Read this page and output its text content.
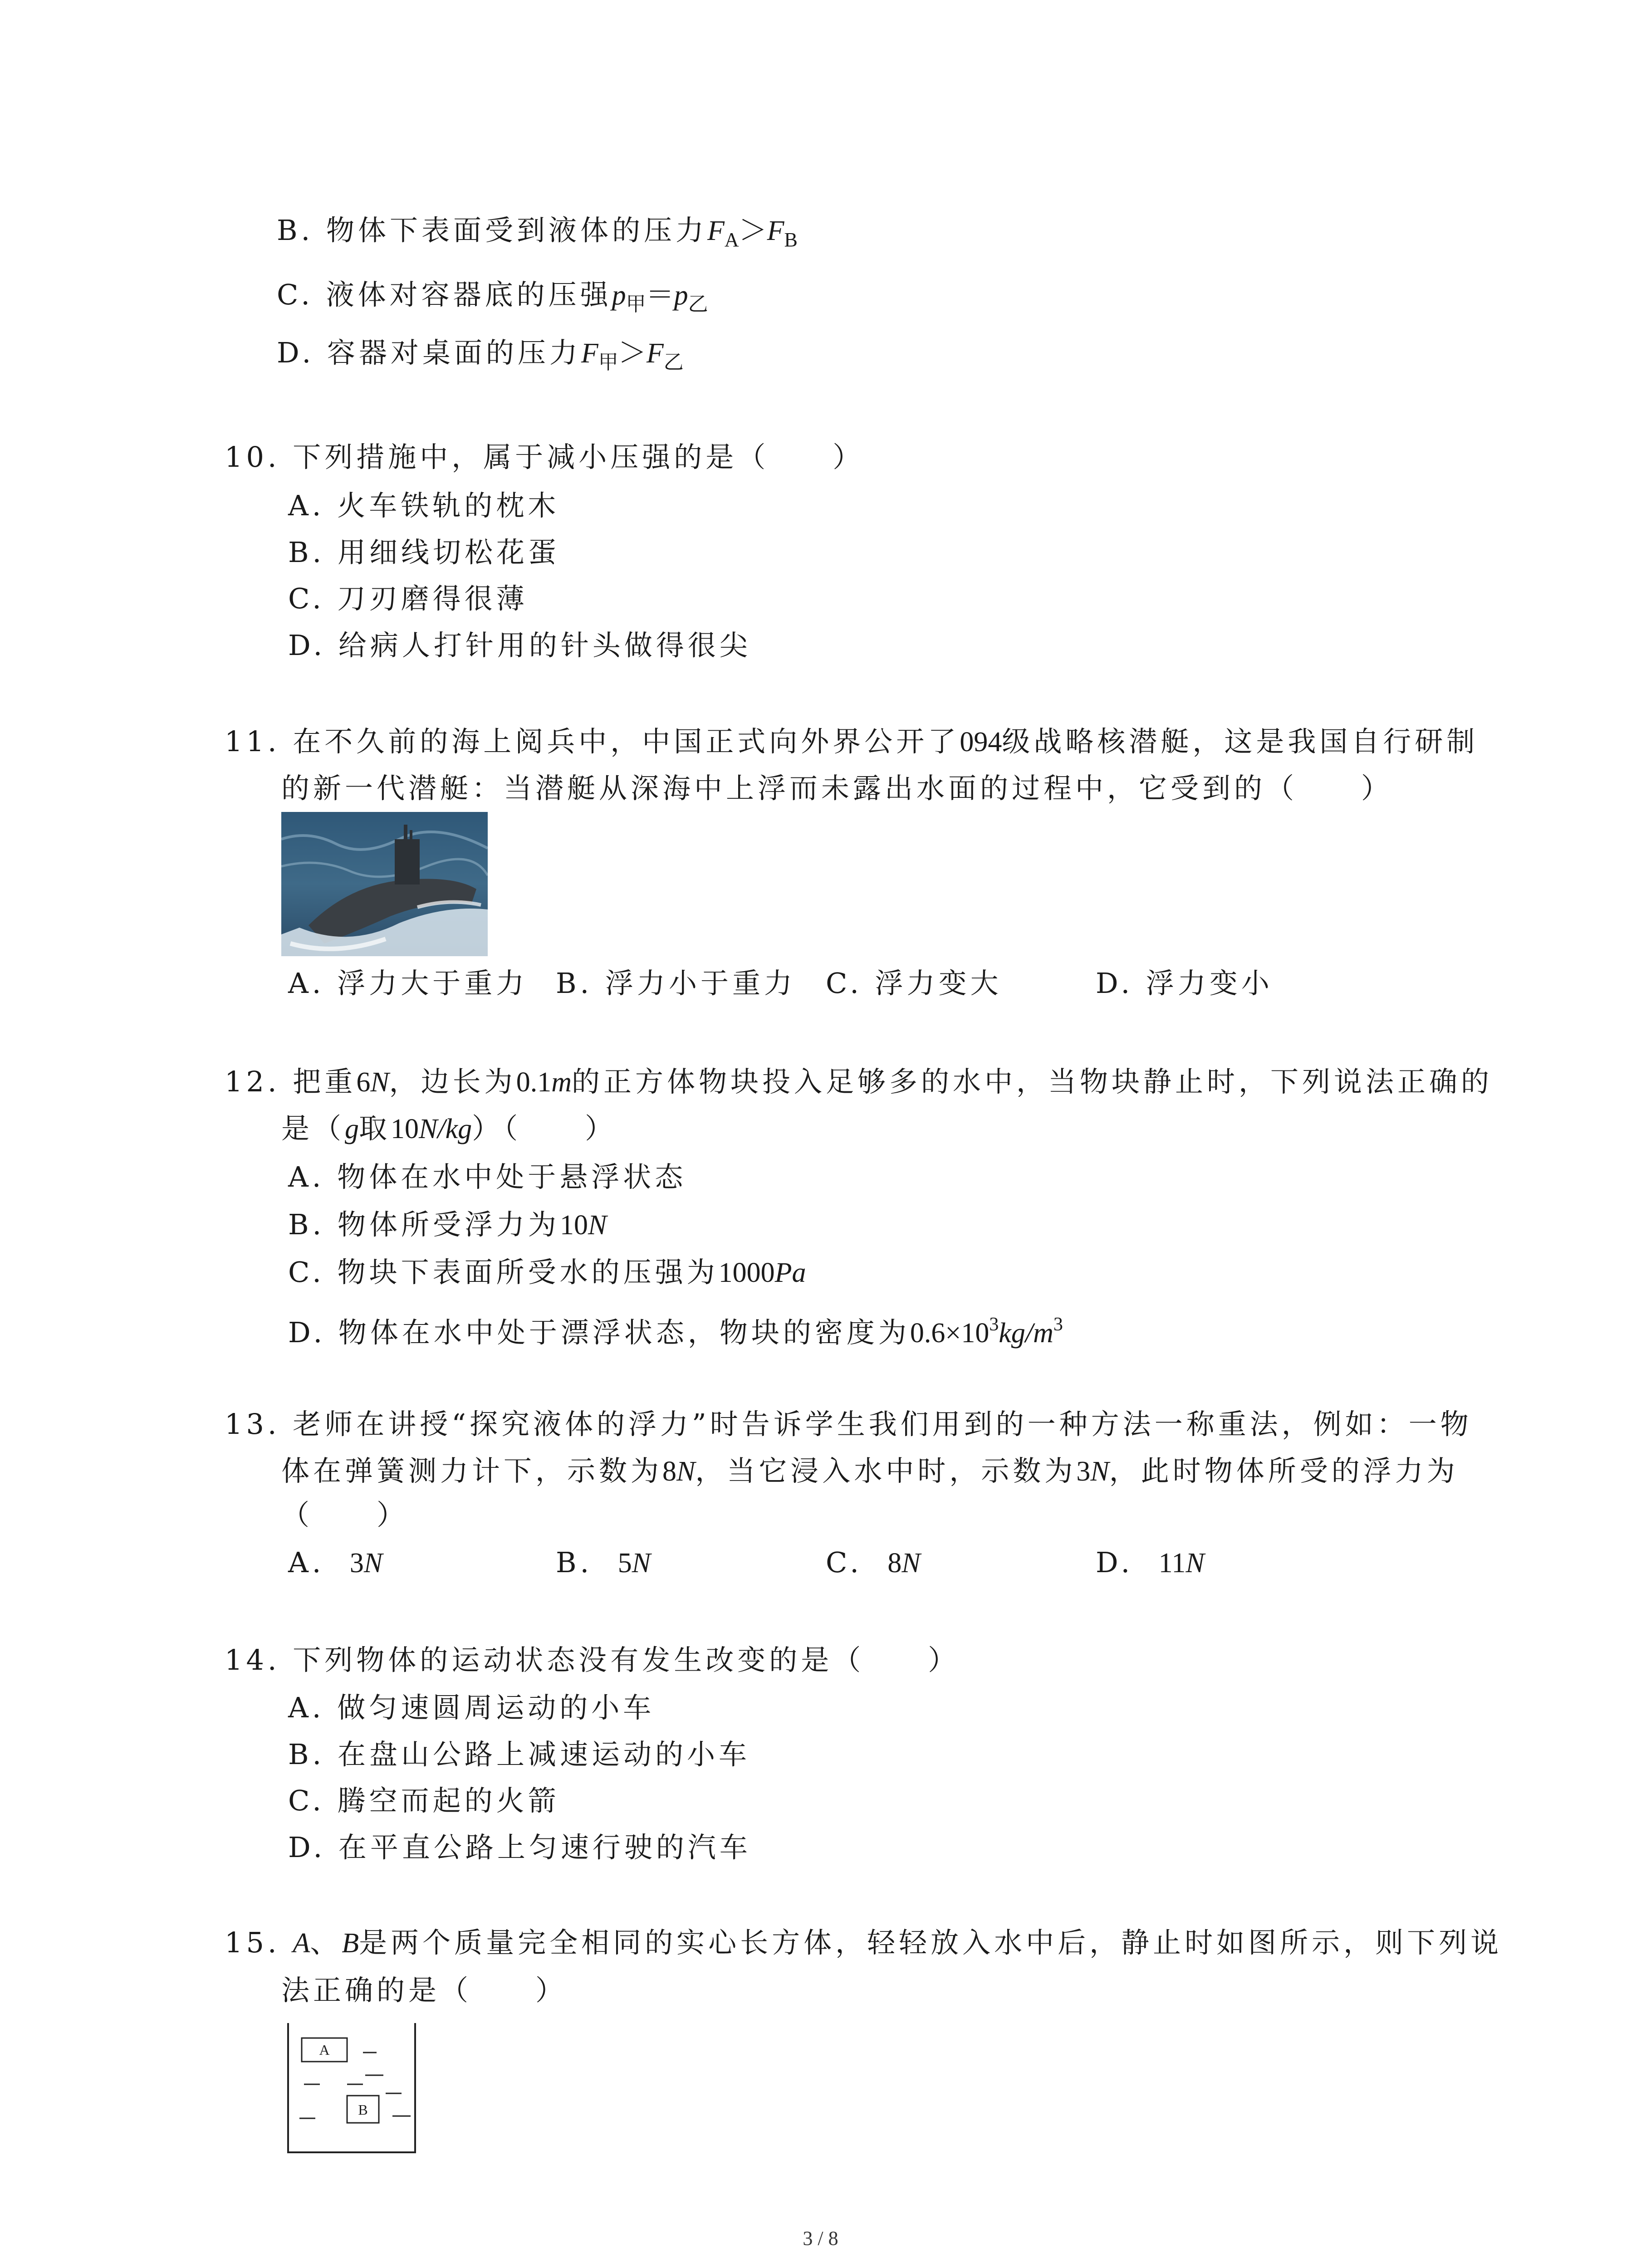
B. 物体下表面受到液体的压力$F_A>F_B$
C. 液体对容器底的压强$p_甲=p_乙$
D. 容器对桌面的压力$F_甲>F_乙$
10. 下列措施中，属于减小压强的是（　　）
A. 火车铁轨的枕木
B. 用细线切松花蛋
C. 刀刃磨得很薄
D. 给病人打针用的针头做得很尖
11. 在不久前的海上阅兵中，中国正式向外界公开了094级战略核潜艇，这是我国自行研制
的新一代潜艇：当潜艇从深海中上浮而未露出水面的过程中，它受到的（　　）
A. 浮力大于重力 B. 浮力小于重力 C. 浮力变大	D. 浮力变小
12. 把重6N，边长为0.1m的正方体物块投入足够多的水中，当物块静止时，下列说法正确的
是（g取10N/kg）（　　）
A. 物体在水中处于悬浮状态
B. 物体所受浮力为10N
C. 物块下表面所受水的压强为1000Pa
D. 物体在水中处于漂浮状态，物块的密度为$0.6\times 10^3kg/m^3$
13. 老师在讲授“探究液体的浮力”时告诉学生我们用到的一种方法一称重法，例如：一物
体在弹簧测力计下，示数为8N，当它浸入水中时，示数为3N，此时物体所受的浮力为
（　　）
A. 3N	B. 5N	C. 8N	D. 11N
14. 下列物体的运动状态没有发生改变的是（　　）
A. 做匀速圆周运动的小车
B. 在盘山公路上减速运动的小车
C. 腾空而起的火箭
D. 在平直公路上匀速行驶的汽车
15. A、B是两个质量完全相同的实心长方体，轻轻放入水中后，静止时如图所示，则下列说
法正确的是（　　）
A
B
3 / 8
